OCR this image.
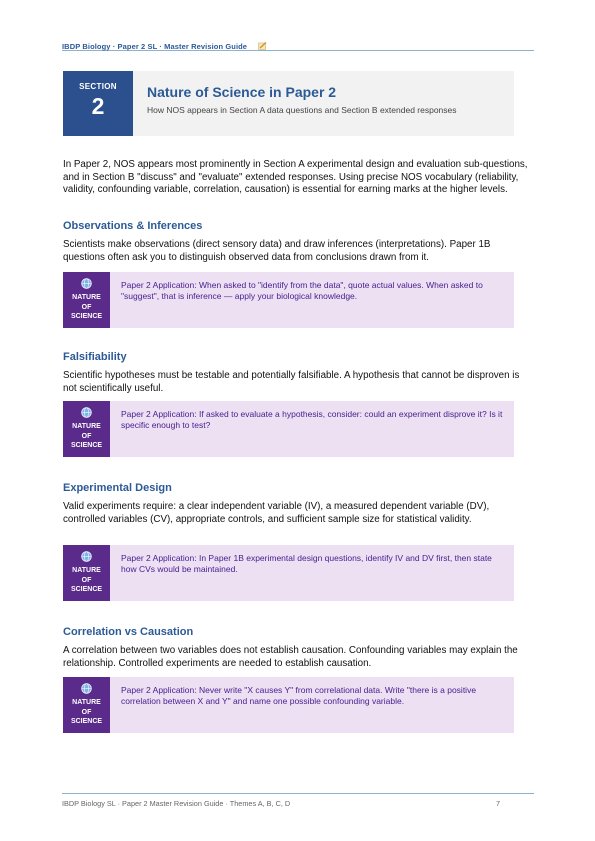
IBDP Biology · Paper 2 SL · Master Revision Guide
SECTION
2
Nature of Science in Paper 2
How NOS appears in Section A data questions and Section B extended responses
In Paper 2, NOS appears most prominently in Section A experimental design and evaluation sub-questions, and in Section B "discuss" and "evaluate" extended responses. Using precise NOS vocabulary (reliability, validity, confounding variable, correlation, causation) is essential for earning marks at the higher levels.
Observations & Inferences
Scientists make observations (direct sensory data) and draw inferences (interpretations). Paper 1B questions often ask you to distinguish observed data from conclusions drawn from it.
NATURE
OF
SCIENCE
Paper 2 Application: When asked to "identify from the data", quote actual values. When asked to "suggest", that is inference — apply your biological knowledge.
Falsifiability
Scientific hypotheses must be testable and potentially falsifiable. A hypothesis that cannot be disproven is not scientifically useful.
NATURE
OF
SCIENCE
Paper 2 Application: If asked to evaluate a hypothesis, consider: could an experiment disprove it? Is it specific enough to test?
Experimental Design
Valid experiments require: a clear independent variable (IV), a measured dependent variable (DV), controlled variables (CV), appropriate controls, and sufficient sample size for statistical validity.
NATURE
OF
SCIENCE
Paper 2 Application: In Paper 1B experimental design questions, identify IV and DV first, then state how CVs would be maintained.
Correlation vs Causation
A correlation between two variables does not establish causation. Confounding variables may explain the relationship. Controlled experiments are needed to establish causation.
NATURE
OF
SCIENCE
Paper 2 Application: Never write "X causes Y" from correlational data. Write "there is a positive correlation between X and Y" and name one possible confounding variable.
IBDP Biology SL · Paper 2 Master Revision Guide · Themes A, B, C, D	7
